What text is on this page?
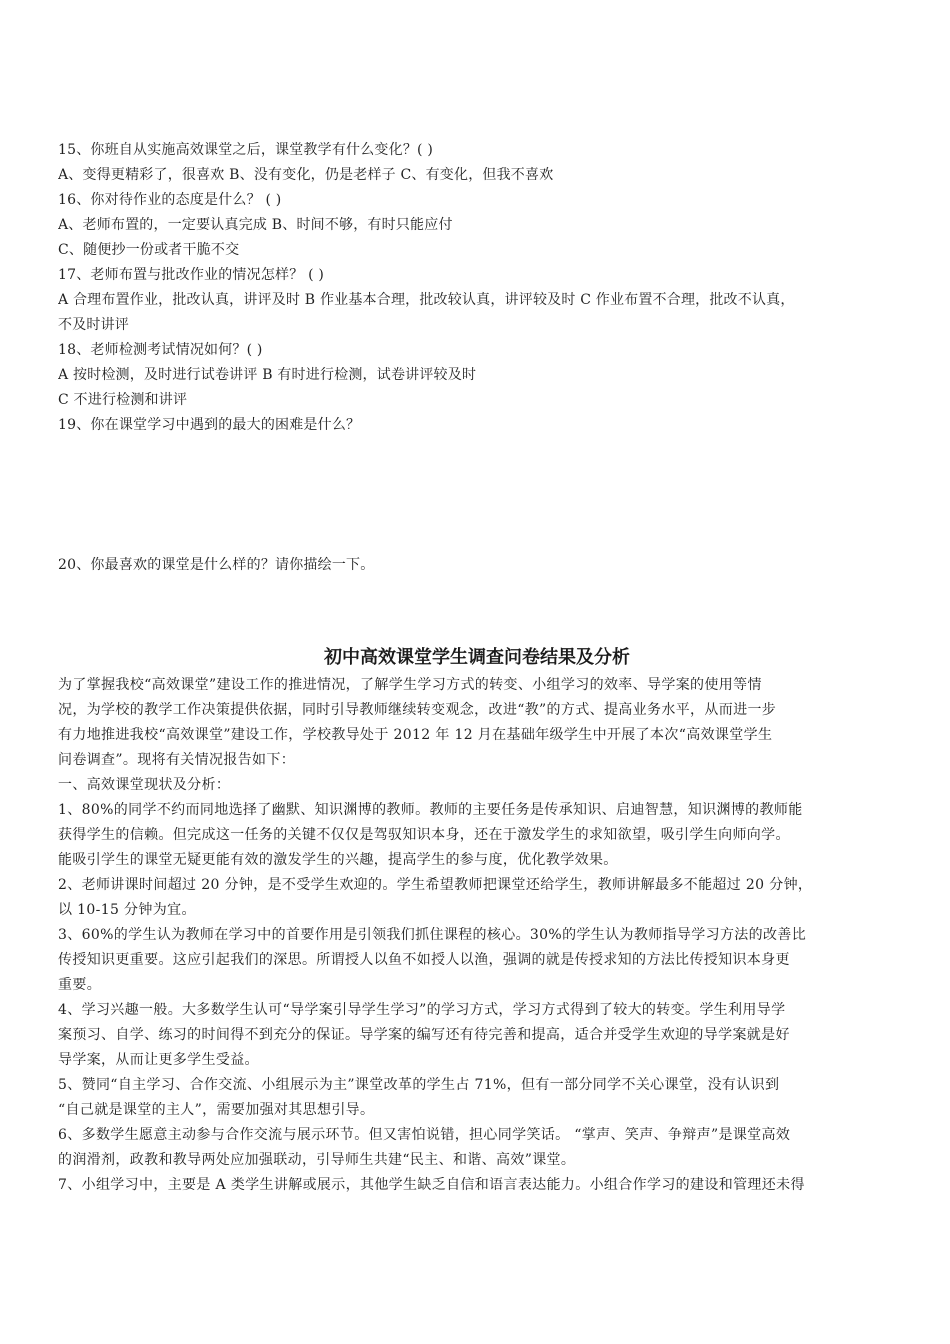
15、你班自从实施高效课堂之后，课堂教学有什么变化？( )
A、变得更精彩了，很喜欢 B、没有变化，仍是老样子 C、有变化，但我不喜欢
16、你对待作业的态度是什么？ ( )
A、老师布置的，一定要认真完成 B、时间不够，有时只能应付
C、随便抄一份或者干脆不交
17、老师布置与批改作业的情况怎样？ ( )
A 合理布置作业，批改认真，讲评及时 B 作业基本合理，批改较认真，讲评较及时 C 作业布置不合理，批改不认真，
不及时讲评
18、老师检测考试情况如何？( )
A 按时检测，及时进行试卷讲评 B 有时进行检测，试卷讲评较及时
C 不进行检测和讲评
19、你在课堂学习中遇到的最大的困难是什么？
20、你最喜欢的课堂是什么样的？请你描绘一下。
初中高效课堂学生调查问卷结果及分析
为了掌握我校“高效课堂”建设工作的推进情况，了解学生学习方式的转变、小组学习的效率、导学案的使用等情
况，为学校的教学工作决策提供依据，同时引导教师继续转变观念，改进“教”的方式、提高业务水平，从而进一步
有力地推进我校“高效课堂”建设工作，学校教导处于 2012 年 12 月在基础年级学生中开展了本次“高效课堂学生
问卷调查”。现将有关情况报告如下：
一、高效课堂现状及分析：
1、80%的同学不约而同地选择了幽默、知识渊博的教师。教师的主要任务是传承知识、启迪智慧，知识渊博的教师能
获得学生的信赖。但完成这一任务的关键不仅仅是驾驭知识本身，还在于激发学生的求知欲望，吸引学生向师向学。
能吸引学生的课堂无疑更能有效的激发学生的兴趣，提高学生的参与度，优化教学效果。
2、老师讲课时间超过 20 分钟，是不受学生欢迎的。学生希望教师把课堂还给学生，教师讲解最多不能超过 20 分钟，
以 10-15 分钟为宜。
3、60%的学生认为教师在学习中的首要作用是引领我们抓住课程的核心。30%的学生认为教师指导学习方法的改善比
传授知识更重要。这应引起我们的深思。所谓授人以鱼不如授人以渔，强调的就是传授求知的方法比传授知识本身更
重要。
4、学习兴趣一般。大多数学生认可“导学案引导学生学习”的学习方式，学习方式得到了较大的转变。学生利用导学
案预习、自学、练习的时间得不到充分的保证。导学案的编写还有待完善和提高，适合并受学生欢迎的导学案就是好
导学案，从而让更多学生受益。
5、赞同“自主学习、合作交流、小组展示为主”课堂改革的学生占 71%，但有一部分同学不关心课堂，没有认识到
“自己就是课堂的主人”，需要加强对其思想引导。
6、多数学生愿意主动参与合作交流与展示环节。但又害怕说错，担心同学笑话。 “掌声、笑声、争辩声”是课堂高效
的润滑剂，政教和教导两处应加强联动，引导师生共建“民主、和谐、高效”课堂。
7、小组学习中，主要是 A 类学生讲解或展示，其他学生缺乏自信和语言表达能力。小组合作学习的建设和管理还未得
